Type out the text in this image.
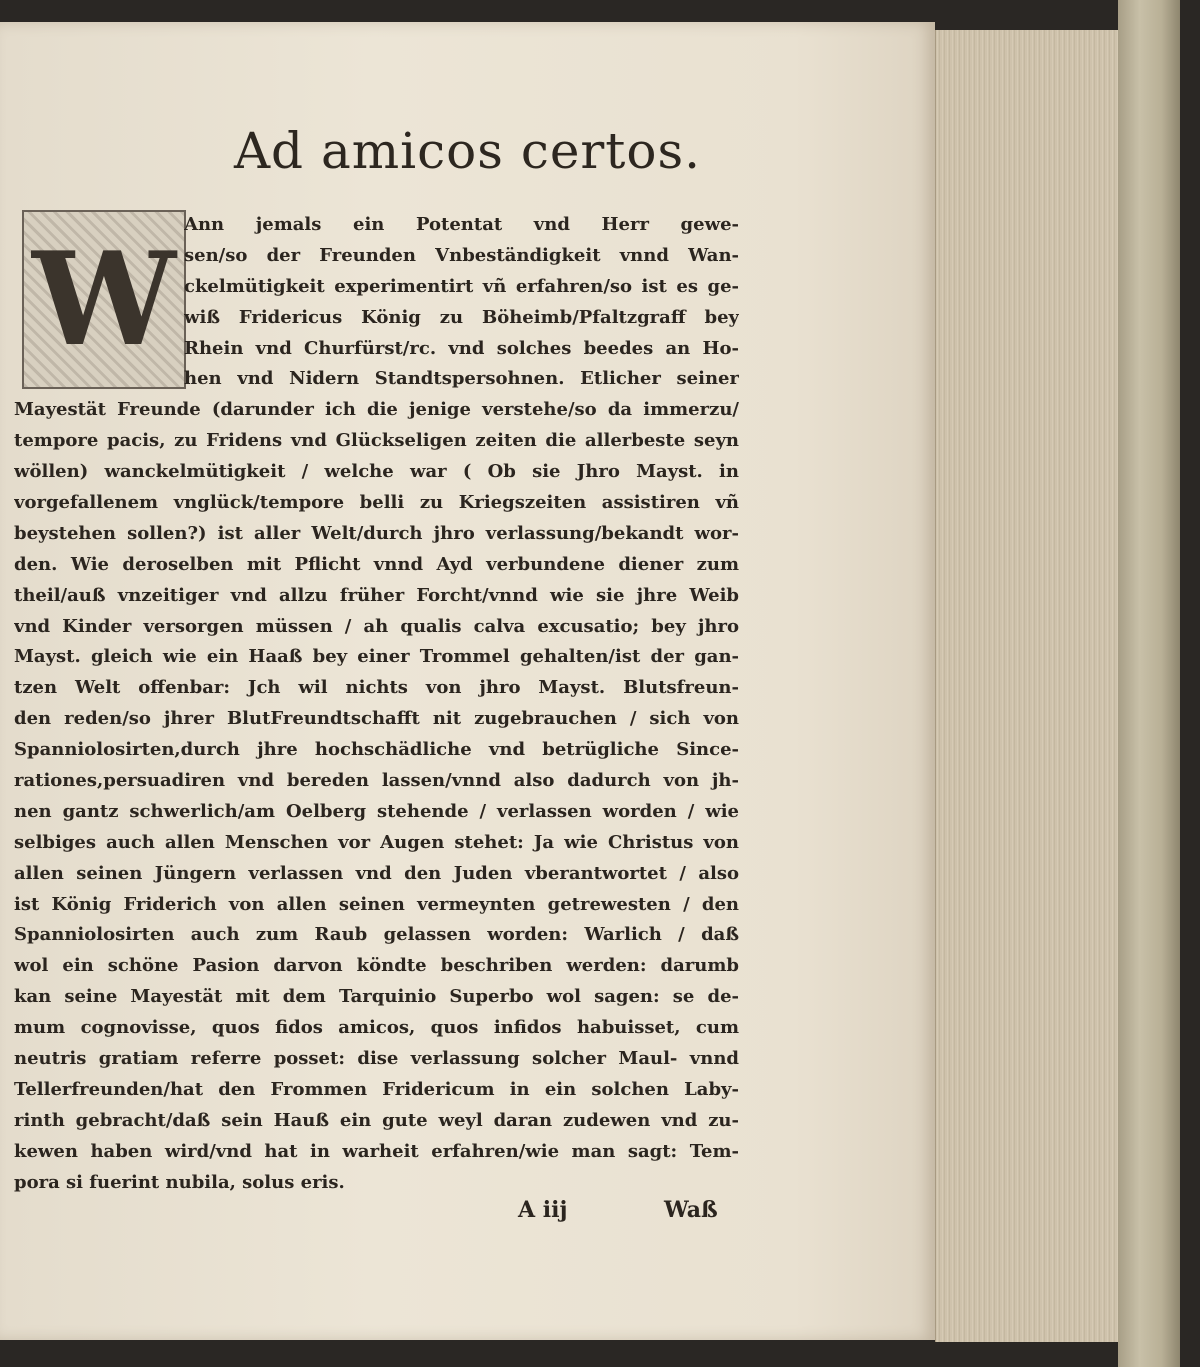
Ad amicos certos.
W Ann jemals ein Potentat vnd Herr gewe-
sen/so der Freunden Vnbeständigkeit vnnd Wan-
ckelmütigkeit experimentirt vñ erfahren/so ist es ge-
wiß Fridericus König zu Böheimb/Pfaltzgraff bey
Rhein vnd Churfürst/rc. vnd solches beedes an Ho-
hen vnd Nidern Standtspersohnen. Etlicher seiner
Mayestät Freunde (darunder ich die jenige verstehe/so da immerzu/
tempore pacis, zu Fridens vnd Glückseligen zeiten die allerbeste seyn
wöllen) wanckelmütigkeit / welche war ( Ob sie Jhro Mayst. in
vorgefallenem vnglück/tempore belli zu Kriegszeiten assistiren vñ
beystehen sollen?) ist aller Welt/durch jhro verlassung/bekandt wor-
den. Wie deroselben mit Pflicht vnnd Ayd verbundene diener zum
theil/auß vnzeitiger vnd allzu früher Forcht/vnnd wie sie jhre Weib
vnd Kinder versorgen müssen / ah qualis calva excusatio; bey jhro
Mayst. gleich wie ein Haaß bey einer Trommel gehalten/ist der gan-
tzen Welt offenbar: Jch wil nichts von jhro Mayst. Blutsfreun-
den reden/so jhrer BlutFreundtschafft nit zugebrauchen / sich von
Spanniolosirten,durch jhre hochschädliche vnd betrügliche Since-
rationes,persuadiren vnd bereden lassen/vnnd also dadurch von jh-
nen gantz schwerlich/am Oelberg stehende / verlassen worden / wie
selbiges auch allen Menschen vor Augen stehet: Ja wie Christus von
allen seinen Jüngern verlassen vnd den Juden vberantwortet / also
ist König Friderich von allen seinen vermeynten getrewesten / den
Spanniolosirten auch zum Raub gelassen worden: Warlich / daß
wol ein schöne Pasion darvon köndte beschriben werden: darumb
kan seine Mayestät mit dem Tarquinio Superbo wol sagen: se de-
mum cognovisse, quos fidos amicos, quos infidos habuisset, cum
neutris gratiam referre posset: dise verlassung solcher Maul- vnnd
Tellerfreunden/hat den Frommen Fridericum in ein solchen Laby-
rinth gebracht/daß sein Hauß ein gute weyl daran zudewen vnd zu-
kewen haben wird/vnd hat in warheit erfahren/wie man sagt: Tem-
pora si fuerint nubila, solus eris.
A iij	Waß
